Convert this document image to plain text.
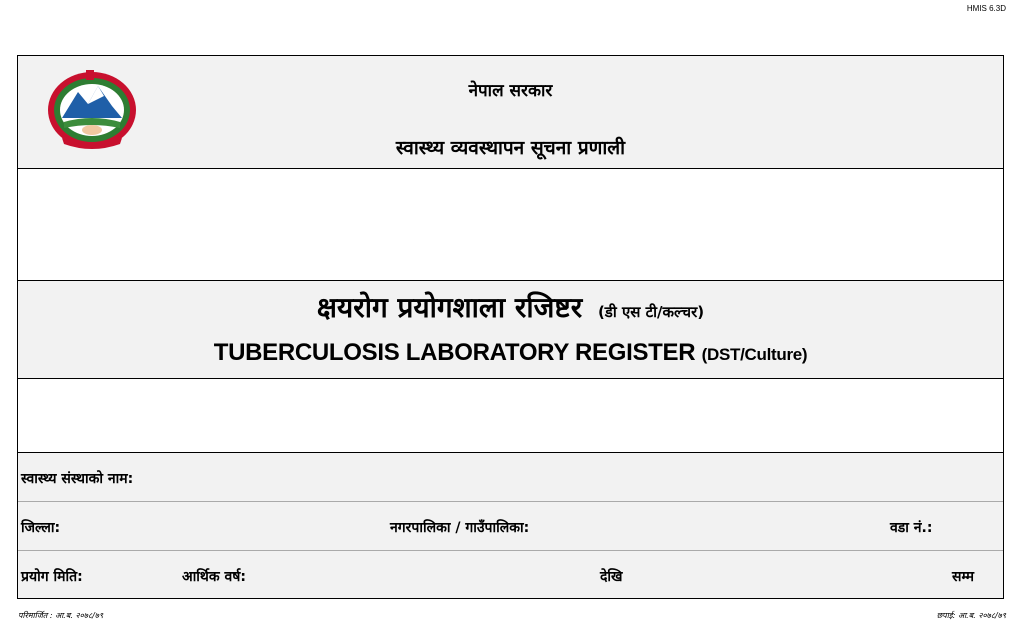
HMIS 6.3D
नेपाल सरकार
स्वास्थ्य व्यवस्थापन सूचना प्रणाली
क्षयरोग प्रयोगशाला रजिष्टर (डी एस टी/कल्चर)
TUBERCULOSIS LABORATORY REGISTER (DST/Culture)
स्वास्थ्य संस्थाको नाम:
जिल्ला:	नगरपालिका / गाउँपालिका:	वडा नं.:
प्रयोग मिति:	आर्थिक वर्ष:	देखि	सम्म
परिमार्जित : आ.ब. २०७८/७९	छपाई: आ.ब. २०७८/७९
